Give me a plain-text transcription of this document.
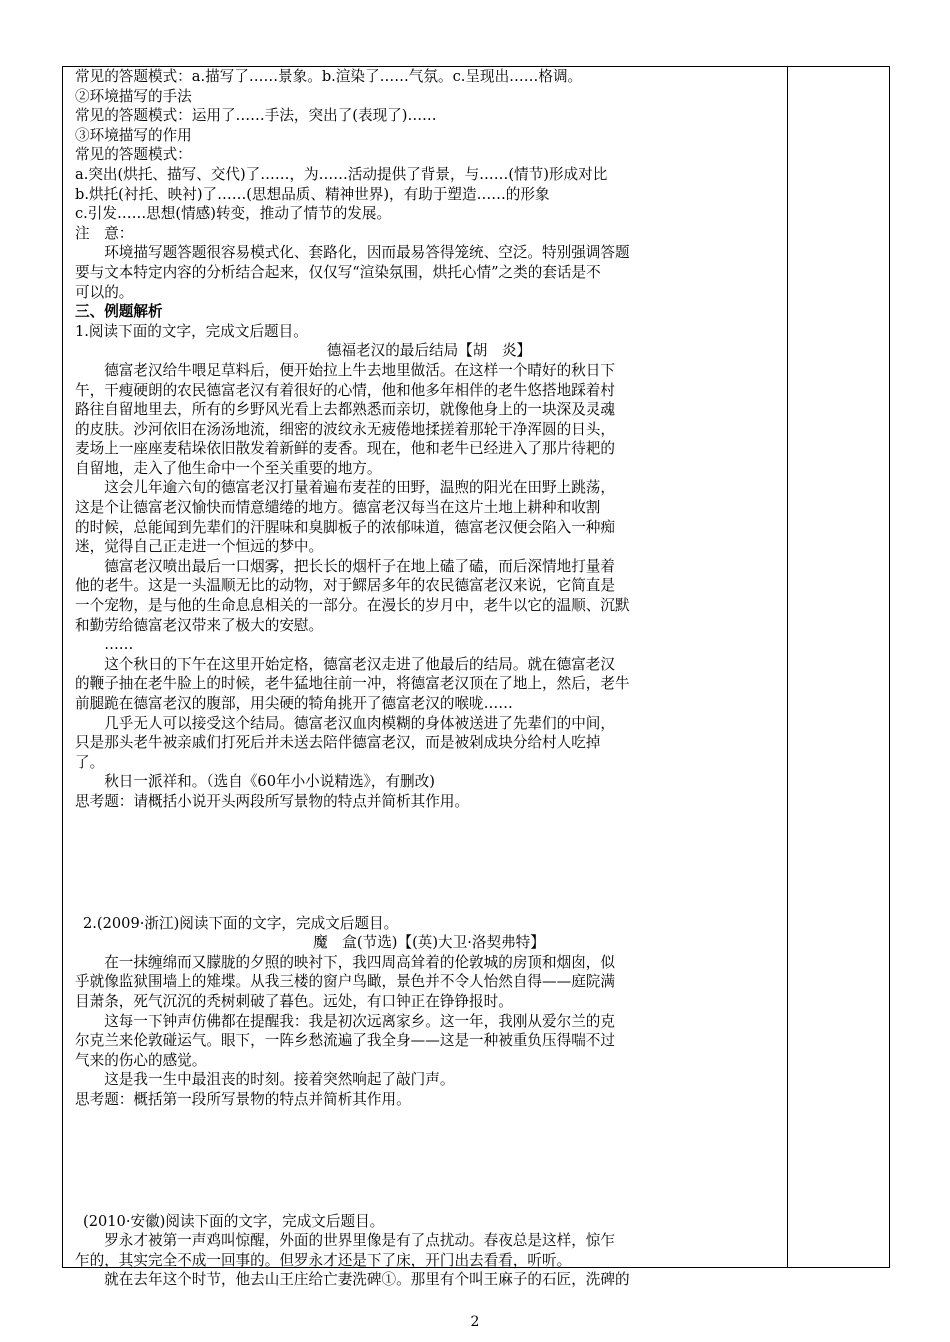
常见的答题模式：a.描写了……景象。b.渲染了……气氛。c.呈现出……格调。

②环境描写的手法

常见的答题模式：运用了……手法，突出了(表现了)……

③环境描写的作用

常见的答题模式：

a.突出(烘托、描写、交代)了……，为……活动提供了背景，与……(情节)形成对比

b.烘托(衬托、映衬)了……(思想品质、精神世界)，有助于塑造……的形象

c.引发……思想(情感)转变，推动了情节的发展。

注　意：

环境描写题答题很容易模式化、套路化，因而最易答得笼统、空泛。特别强调答题

要与文本特定内容的分析结合起来，仅仅写“渲染氛围，烘托心情”之类的套话是不

可以的。

三、例题解析

1.阅读下面的文字，完成文后题目。

德福老汉的最后结局【胡　炎】

德富老汉给牛喂足草料后，便开始拉上牛去地里做活。在这样一个晴好的秋日下

午，干瘦硬朗的农民德富老汉有着很好的心情，他和他多年相伴的老牛悠搭地踩着村

路往自留地里去，所有的乡野风光看上去都熟悉而亲切，就像他身上的一块深及灵魂

的皮肤。沙河依旧在汤汤地流，细密的波纹永无疲倦地揉搓着那轮干净浑圆的日头，

麦场上一座座麦秸垛依旧散发着新鲜的麦香。现在，他和老牛已经进入了那片待耙的

自留地，走入了他生命中一个至关重要的地方。

这会儿年逾六旬的德富老汉打量着遍布麦茬的田野，温煦的阳光在田野上跳荡，

这是个让德富老汉愉快而情意缱绻的地方。德富老汉每当在这片土地上耕种和收割

的时候，总能闻到先辈们的汗腥味和臭脚板子的浓郁味道，德富老汉便会陷入一种痴

迷，觉得自己正走进一个恒远的梦中。

德富老汉喷出最后一口烟雾，把长长的烟杆子在地上磕了磕，而后深情地打量着

他的老牛。这是一头温顺无比的动物，对于鳏居多年的农民德富老汉来说，它简直是

一个宠物，是与他的生命息息相关的一部分。在漫长的岁月中，老牛以它的温顺、沉默

和勤劳给德富老汉带来了极大的安慰。

……

这个秋日的下午在这里开始定格，德富老汉走进了他最后的结局。就在德富老汉

的鞭子抽在老牛脸上的时候，老牛猛地往前一冲，将德富老汉顶在了地上，然后，老牛

前腿跪在德富老汉的腹部，用尖硬的犄角挑开了德富老汉的喉咙……

几乎无人可以接受这个结局。德富老汉血肉模糊的身体被送进了先辈们的中间，

只是那头老牛被亲戚们打死后并未送去陪伴德富老汉，而是被剁成块分给村人吃掉

了。

秋日一派祥和。（选自《60年小小说精选》，有删改)

思考题：请概括小说开头两段所写景物的特点并简析其作用。

2.(2009·浙江)阅读下面的文字，完成文后题目。

魔　盒(节选)【(英)大卫·洛契弗特】

在一抹缠绵而又朦胧的夕照的映衬下，我四周高耸着的伦敦城的房顶和烟囱，似

乎就像监狱围墙上的雉堞。从我三楼的窗户鸟瞰，景色并不令人怡然自得——庭院满

目萧条，死气沉沉的秃树刺破了暮色。远处，有口钟正在铮铮报时。

这每一下钟声仿佛都在提醒我：我是初次远离家乡。这一年，我刚从爱尔兰的克

尔克兰来伦敦碰运气。眼下，一阵乡愁流遍了我全身——这是一种被重负压得喘不过

气来的伤心的感觉。

这是我一生中最沮丧的时刻。接着突然响起了敲门声。

思考题：概括第一段所写景物的特点并简析其作用。

(2010·安徽)阅读下面的文字，完成文后题目。

罗永才被第一声鸡叫惊醒，外面的世界里像是有了点扰动。春夜总是这样，惊乍

乍的，其实完全不成一回事的。但罗永才还是下了床，开门出去看看，听听。

就在去年这个时节，他去山王庄给亡妻洗碑①。那里有个叫王麻子的石匠，洗碑的

2
